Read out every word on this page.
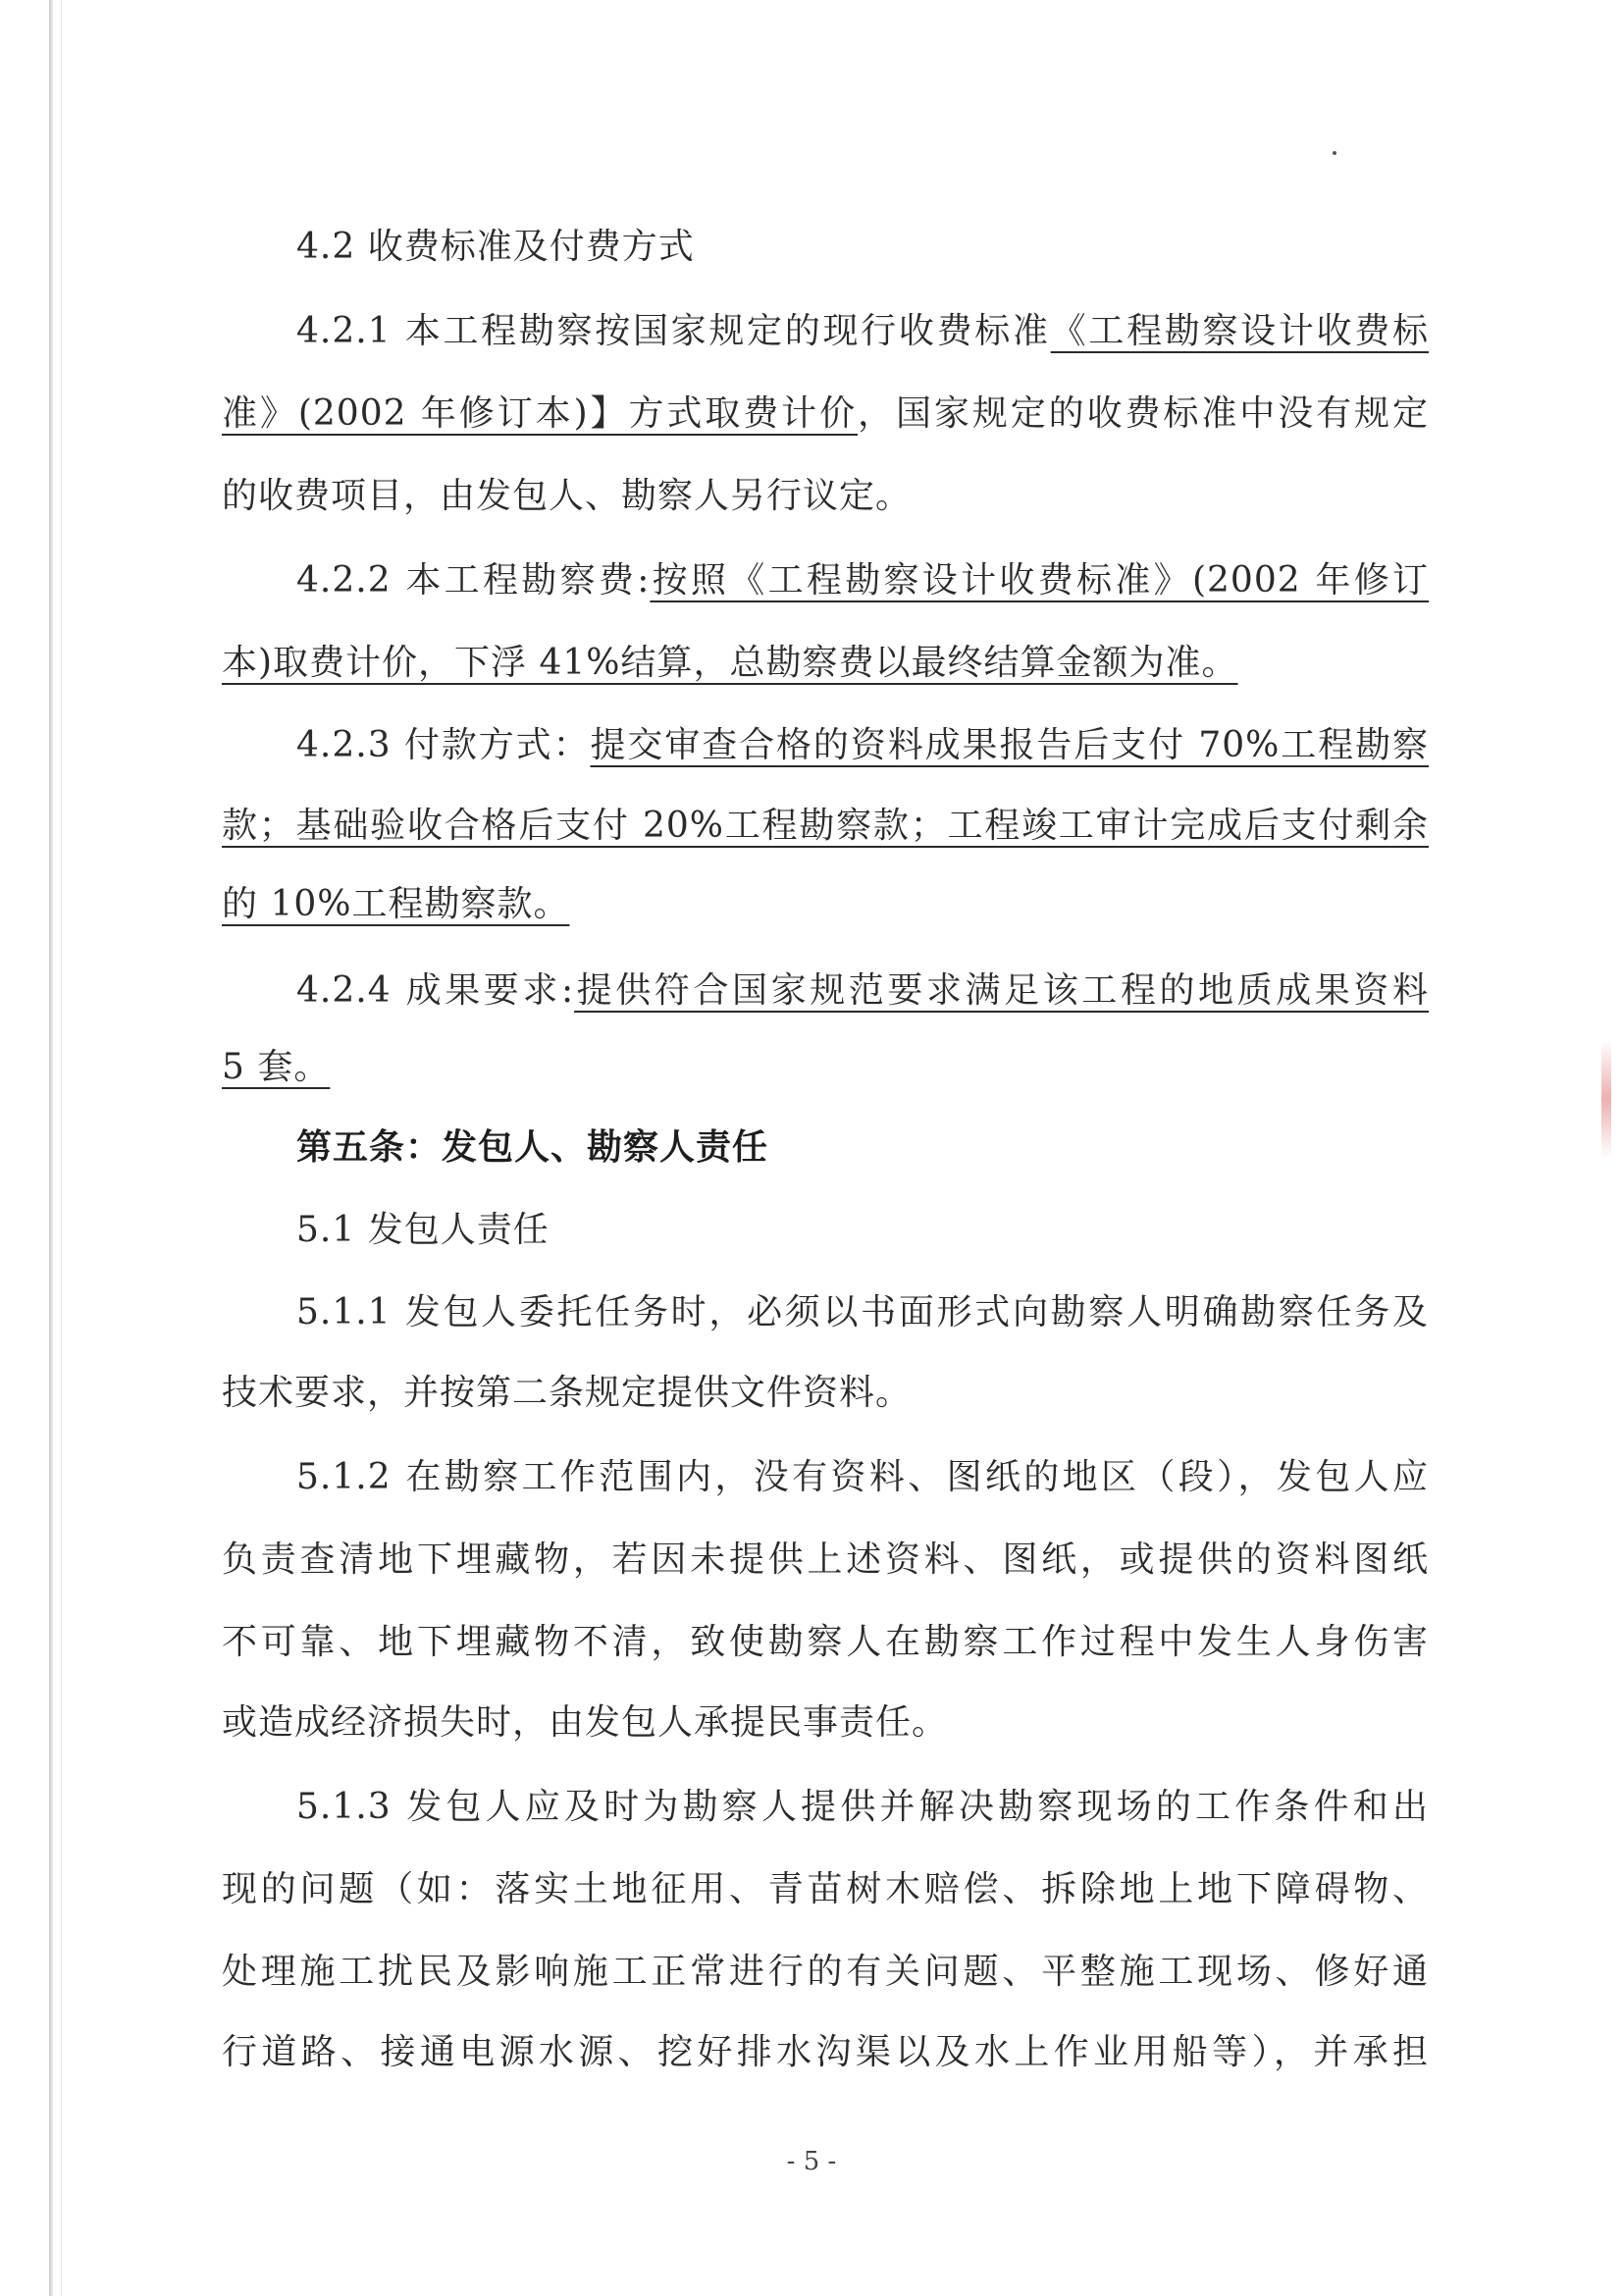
4.2 收费标准及付费方式
4.2.1 本工程勘察按国家规定的现行收费标准《工程勘察设计收费标
准》(2002 年修订本)】方式取费计价，国家规定的收费标准中没有规定
的收费项目，由发包人、勘察人另行议定。
4.2.2 本工程勘察费:按照《工程勘察设计收费标准》(2002 年修订
本)取费计价，下浮 41%结算，总勘察费以最终结算金额为准。
4.2.3 付款方式：提交审查合格的资料成果报告后支付 70%工程勘察
款；基础验收合格后支付 20%工程勘察款；工程竣工审计完成后支付剩余
的 10%工程勘察款。
4.2.4 成果要求:提供符合国家规范要求满足该工程的地质成果资料
5 套。
第五条：发包人、勘察人责任
5.1 发包人责任
5.1.1 发包人委托任务时，必须以书面形式向勘察人明确勘察任务及
技术要求，并按第二条规定提供文件资料。
5.1.2 在勘察工作范围内，没有资料、图纸的地区（段），发包人应
负责查清地下埋藏物，若因未提供上述资料、图纸，或提供的资料图纸
不可靠、地下埋藏物不清，致使勘察人在勘察工作过程中发生人身伤害
或造成经济损失时，由发包人承提民事责任。
5.1.3 发包人应及时为勘察人提供并解决勘察现场的工作条件和出
现的问题（如：落实土地征用、青苗树木赔偿、拆除地上地下障碍物、
处理施工扰民及影响施工正常进行的有关问题、平整施工现场、修好通
行道路、接通电源水源、挖好排水沟渠以及水上作业用船等），并承担
- 5 -
